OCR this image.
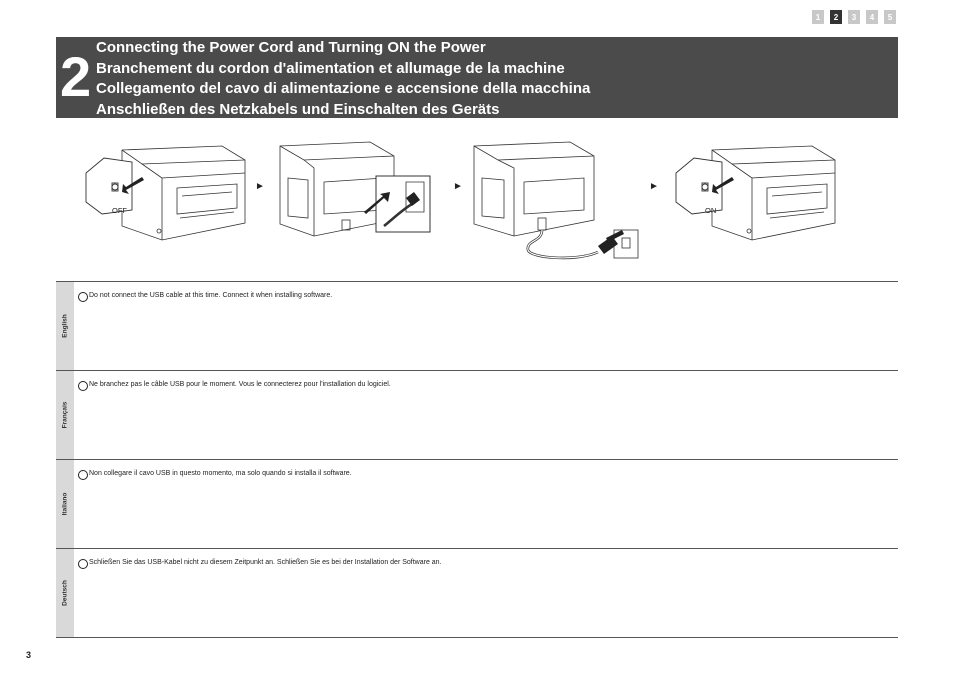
1	2	3	4	5
2 Connecting the Power Cord and Turning ON the Power
Branchement du cordon d'alimentation et allumage de la machine
Collegamento del cavo di alimentazione e accensione della macchina
Anschließen des Netzkabels und Einschalten des Geräts
OFF
►	►	►
ON
English
Do not connect the USB cable at this time. Connect it when installing software.
Français
Ne branchez pas le câble USB pour le moment. Vous le connecterez pour l'installation du logiciel.
Italiano
Non collegare il cavo USB in questo momento, ma solo quando si installa il software.
Deutsch
Schließen Sie das USB-Kabel nicht zu diesem Zeitpunkt an. Schließen Sie es bei der Installation der Software an.
3
